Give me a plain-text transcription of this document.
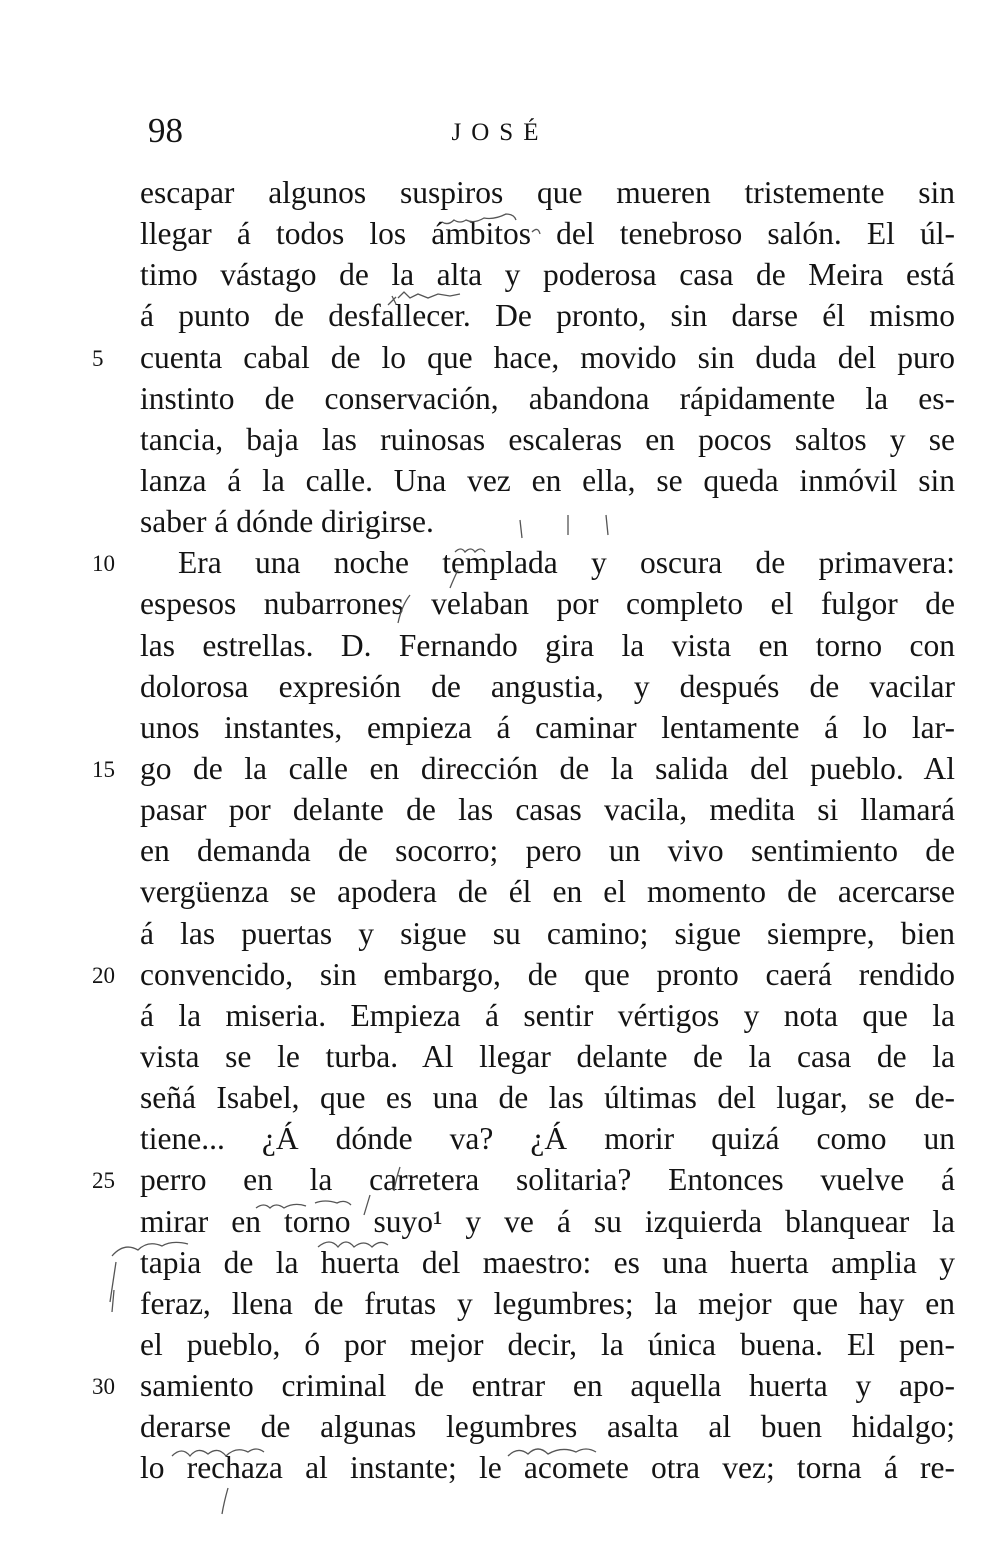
98	JOSÉ
escapar algunos suspiros que mueren tristemente sin
llegar á todos los ámbitos del tenebroso salón. El úl-
timo vástago de la alta y poderosa casa de Meira está
á punto de desfallecer. De pronto, sin darse él mismo
5	cuenta cabal de lo que hace, movido sin duda del puro
instinto de conservación, abandona rápidamente la es-
tancia, baja las ruinosas escaleras en pocos saltos y se
lanza á la calle. Una vez en ella, se queda inmóvil sin
saber á dónde dirigirse.
10	Era una noche templada y oscura de primavera:
espesos nubarrones velaban por completo el fulgor de
las estrellas. D. Fernando gira la vista en torno con
dolorosa expresión de angustia, y después de vacilar
unos instantes, empieza á caminar lentamente á lo lar-
15 go de la calle en dirección de la salida del pueblo. Al
pasar por delante de las casas vacila, medita si llamará
en demanda de socorro; pero un vivo sentimiento de
vergüenza se apodera de él en el momento de acercarse
á las puertas y sigue su camino; sigue siempre, bien
20 convencido, sin embargo, de que pronto caerá rendido
á la miseria. Empieza á sentir vértigos y nota que la
vista se le turba. Al llegar delante de la casa de la
señá Isabel, que es una de las últimas del lugar, se de-
tiene... ¿Á dónde va? ¿Á morir quizá como un
25 perro en la carretera solitaria? Entonces vuelve á
mirar en torno suyo¹ y ve á su izquierda blanquear la
tapia de la huerta del maestro: es una huerta amplia y
feraz, llena de frutas y legumbres; la mejor que hay en
el pueblo, ó por mejor decir, la única buena. El pen-
30 samiento criminal de entrar en aquella huerta y apo-
derarse de algunas legumbres asalta al buen hidalgo;
lo rechaza al instante; le acomete otra vez; torna á re-
